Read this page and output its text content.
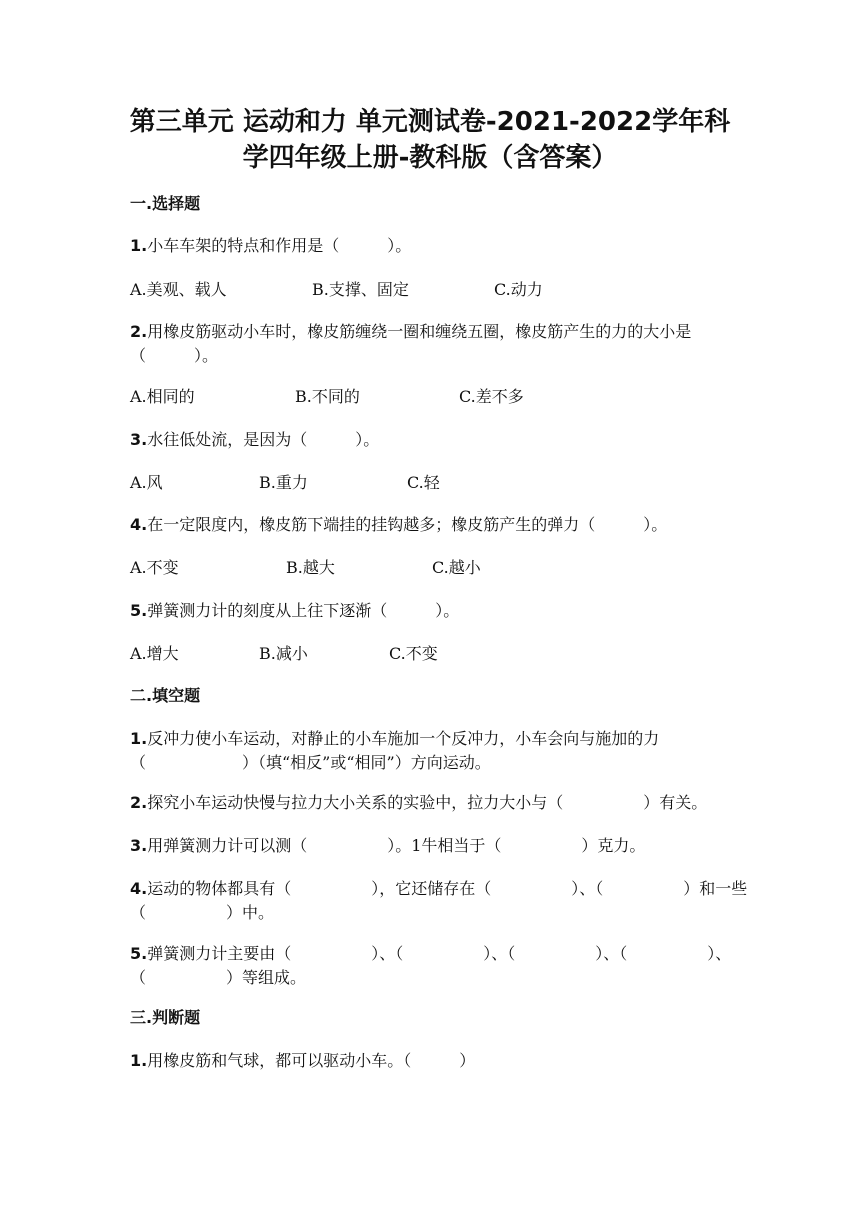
第三单元 运动和力 单元测试卷-2021-2022学年科
学四年级上册-教科版（含答案）

一.选择题

1.小车车架的特点和作用是（　　　）。

A.美观、载人	B.支撑、固定	C.动力

2.用橡皮筋驱动小车时，橡皮筋缠绕一圈和缠绕五圈，橡皮筋产生的力的大小是（　　　）。

A.相同的	B.不同的	C.差不多

3.水往低处流，是因为（　　　）。

A.风	B.重力	C.轻

4.在一定限度内，橡皮筋下端挂的挂钩越多；橡皮筋产生的弹力（　　　）。

A.不变	B.越大	C.越小

5.弹簧测力计的刻度从上往下逐渐（　　　）。

A.增大	B.减小	C.不变

二.填空题

1.反冲力使小车运动，对静止的小车施加一个反冲力，小车会向与施加的力（　　　　　　）（填“相反”或“相同”）方向运动。

2.探究小车运动快慢与拉力大小关系的实验中，拉力大小与（　　　　　）有关。

3.用弹簧测力计可以测（　　　　　）。1牛相当于（　　　　　）克力。

4.运动的物体都具有（　　　　　），它还储存在（　　　　　）、（　　　　　）和一些（　　　　　）中。

5.弹簧测力计主要由（　　　　　）、（　　　　　）、（　　　　　）、（　　　　　）、（　　　　　）等组成。

三.判断题

1.用橡皮筋和气球，都可以驱动小车。（　　　）
